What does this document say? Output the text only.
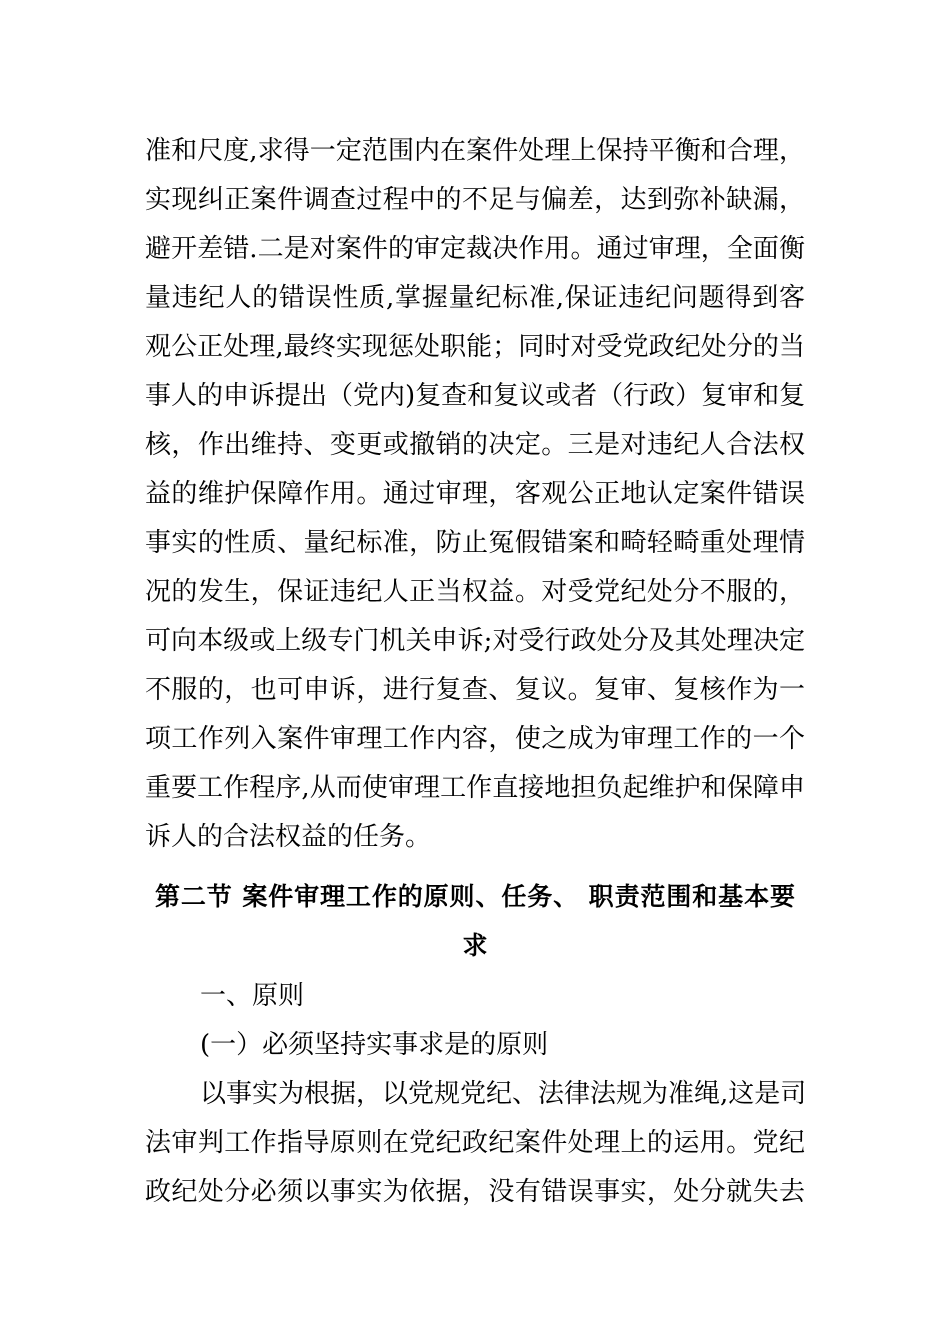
准和尺度,求得一定范围内在案件处理上保持平衡和合理，
实现纠正案件调查过程中的不足与偏差，达到弥补缺漏，
避开差错.二是对案件的审定裁决作用。通过审理，全面衡
量违纪人的错误性质,掌握量纪标准,保证违纪问题得到客
观公正处理,最终实现惩处职能；同时对受党政纪处分的当
事人的申诉提出（党内)复查和复议或者（行政）复审和复
核，作出维持、变更或撤销的决定。三是对违纪人合法权
益的维护保障作用。通过审理，客观公正地认定案件错误
事实的性质、量纪标准，防止冤假错案和畸轻畸重处理情
况的发生，保证违纪人正当权益。对受党纪处分不服的，
可向本级或上级专门机关申诉;对受行政处分及其处理决定
不服的，也可申诉，进行复查、复议。复审、复核作为一
项工作列入案件审理工作内容，使之成为审理工作的一个
重要工作程序,从而使审理工作直接地担负起维护和保障申
诉人的合法权益的任务。
第二节 案件审理工作的原则、任务、 职责范围和基本要
求
一、原则
(一）必须坚持实事求是的原则
以事实为根据，以党规党纪、法律法规为准绳,这是司
法审判工作指导原则在党纪政纪案件处理上的运用。党纪
政纪处分必须以事实为依据，没有错误事实，处分就失去
